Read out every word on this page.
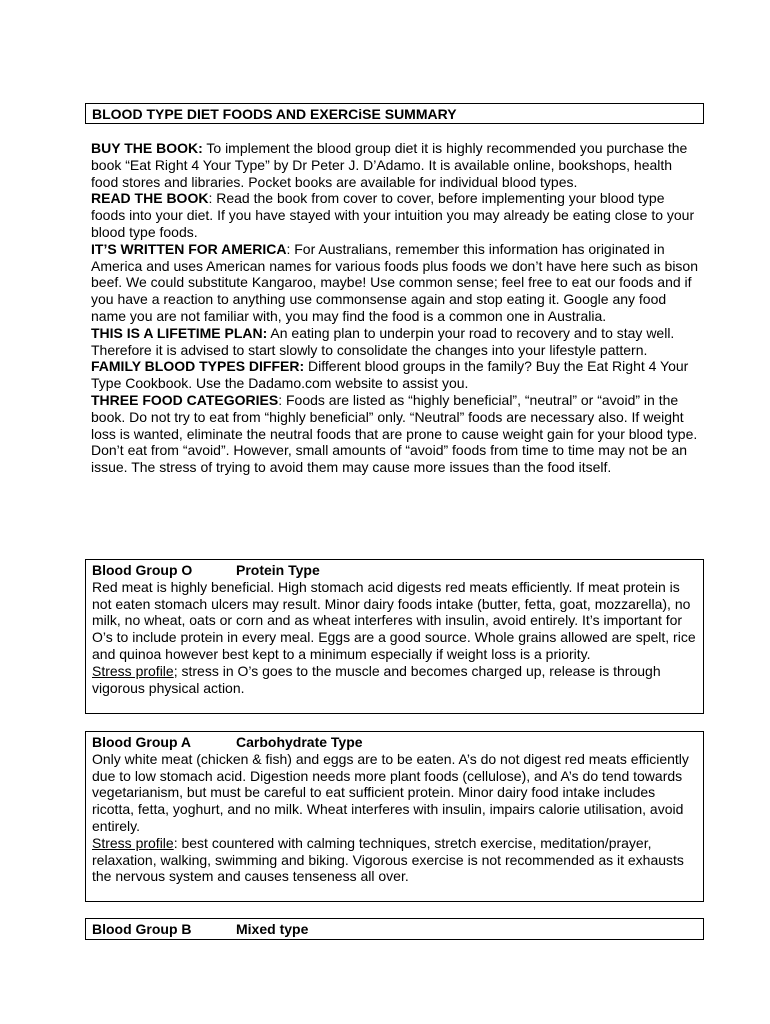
BLOOD TYPE DIET FOODS AND EXERCiSE SUMMARY

BUY THE BOOK: To implement the blood group diet it is highly recommended you purchase the book “Eat Right 4 Your Type” by Dr Peter J. D’Adamo. It is available online, bookshops, health food stores and libraries. Pocket books are available for individual blood types.

READ THE BOOK: Read the book from cover to cover, before implementing your blood type foods into your diet. If you have stayed with your intuition you may already be eating close to your blood type foods.

IT’S WRITTEN FOR AMERICA: For Australians, remember this information has originated in America and uses American names for various foods plus foods we don’t have here such as bison beef. We could substitute Kangaroo, maybe! Use common sense; feel free to eat our foods and if you have a reaction to anything use commonsense again and stop eating it. Google any food name you are not familiar with, you may find the food is a common one in Australia.

THIS IS A LIFETIME PLAN: An eating plan to underpin your road to recovery and to stay well. Therefore it is advised to start slowly to consolidate the changes into your lifestyle pattern.

FAMILY BLOOD TYPES DIFFER: Different blood groups in the family? Buy the Eat Right 4 Your Type Cookbook. Use the Dadamo.com website to assist you.

THREE FOOD CATEGORIES: Foods are listed as “highly beneficial”, “neutral” or “avoid” in the book. Do not try to eat from “highly beneficial” only. “Neutral” foods are necessary also. If weight loss is wanted, eliminate the neutral foods that are prone to cause weight gain for your blood type. Don’t eat from “avoid”. However, small amounts of “avoid” foods from time to time may not be an issue. The stress of trying to avoid them may cause more issues than the food itself.

Blood Group O	Protein Type

Red meat is highly beneficial. High stomach acid digests red meats efficiently. If meat protein is not eaten stomach ulcers may result. Minor dairy foods intake (butter, fetta, goat, mozzarella), no milk, no wheat, oats or corn and as wheat interferes with insulin, avoid entirely. It’s important for O’s to include protein in every meal. Eggs are a good source. Whole grains allowed are spelt, rice and quinoa however best kept to a minimum especially if weight loss is a priority.

Stress profile; stress in O’s goes to the muscle and becomes charged up, release is through vigorous physical action.

Blood Group A	Carbohydrate Type

Only white meat (chicken & fish) and eggs are to be eaten. A’s do not digest red meats efficiently due to low stomach acid. Digestion needs more plant foods (cellulose), and A’s do tend towards vegetarianism, but must be careful to eat sufficient protein. Minor dairy food intake includes ricotta, fetta, yoghurt, and no milk. Wheat interferes with insulin, impairs calorie utilisation, avoid entirely.

Stress profile: best countered with calming techniques, stretch exercise, meditation/prayer, relaxation, walking, swimming and biking. Vigorous exercise is not recommended as it exhausts the nervous system and causes tenseness all over.

Blood Group B	Mixed type
